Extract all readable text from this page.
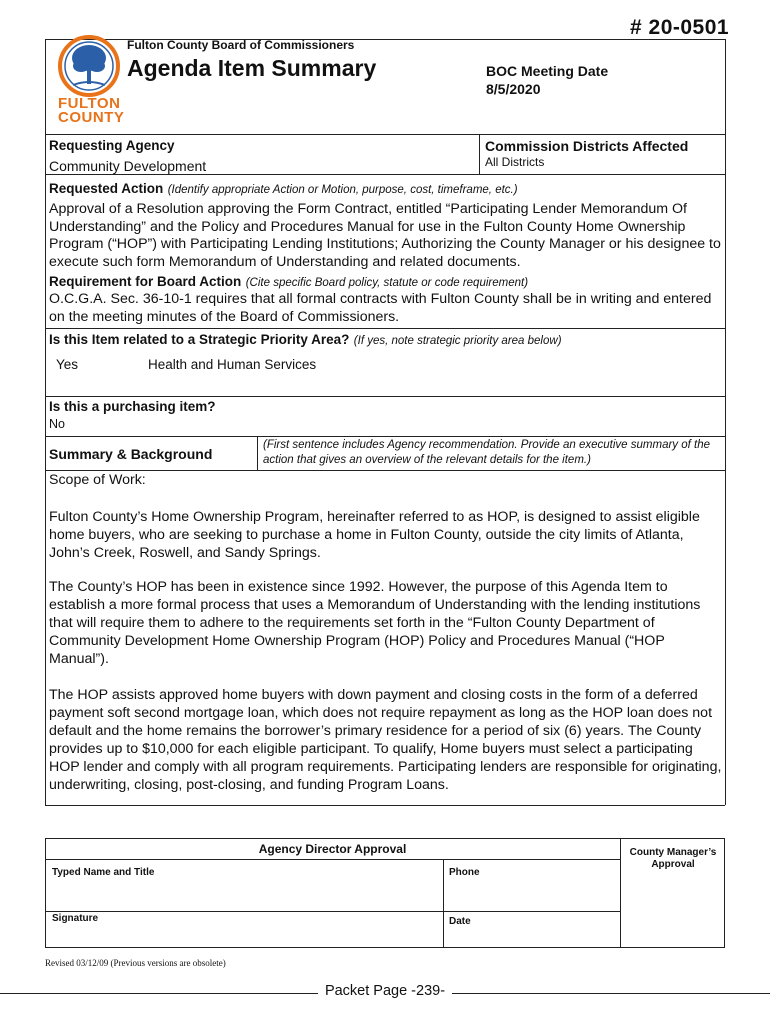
# 20-0501
FULTON
COUNTY
Fulton County Board of Commissioners
Agenda Item Summary	BOC Meeting Date
8/5/2020
Requesting Agency
Community Development
Commission Districts Affected
All Districts
Requested Action (Identify appropriate Action or Motion, purpose, cost, timeframe, etc.)

Approval of a Resolution approving the Form Contract, entitled “Participating Lender Memorandum Of Understanding” and the Policy and Procedures Manual for use in the Fulton County Home Ownership Program (“HOP”) with Participating Lending Institutions; Authorizing the County Manager or his designee to execute such form Memorandum of Understanding and related documents.

Requirement for Board Action (Cite specific Board policy, statute or code requirement)

O.C.G.A. Sec. 36-10-1 requires that all formal contracts with Fulton County shall be in writing and entered on the meeting minutes of the Board of Commissioners.

Is this Item related to a Strategic Priority Area? (If yes, note strategic priority area below)
Yes	Health and Human Services
Is this a purchasing item?
No
Summary & Background

(First sentence includes Agency recommendation. Provide an executive summary of the action that gives an overview of the relevant details for the item.)

Scope of Work:

Fulton County’s Home Ownership Program, hereinafter referred to as HOP, is designed to assist eligible home buyers, who are seeking to purchase a home in Fulton County, outside the city limits of Atlanta, John’s Creek, Roswell, and Sandy Springs.

The County’s HOP has been in existence since 1992. However, the purpose of this Agenda Item to establish a more formal process that uses a Memorandum of Understanding with the lending institutions that will require them to adhere to the requirements set forth in the “Fulton County Department of Community Development Home Ownership Program (HOP) Policy and Procedures Manual (“HOP Manual”).

The HOP assists approved home buyers with down payment and closing costs in the form of a deferred payment soft second mortgage loan, which does not require repayment as long as the HOP loan does not default and the home remains the borrower’s primary residence for a period of six (6) years. The County provides up to $10,000 for each eligible participant. To qualify, Home buyers must select a participating HOP lender and comply with all program requirements. Participating lenders are responsible for originating, underwriting, closing, post-closing, and funding Program Loans.

Agency Director Approval
Typed Name and Title	Phone
Signature	Date
County Manager’s Approval
Revised 03/12/09 (Previous versions are obsolete)
Packet Page -239-
